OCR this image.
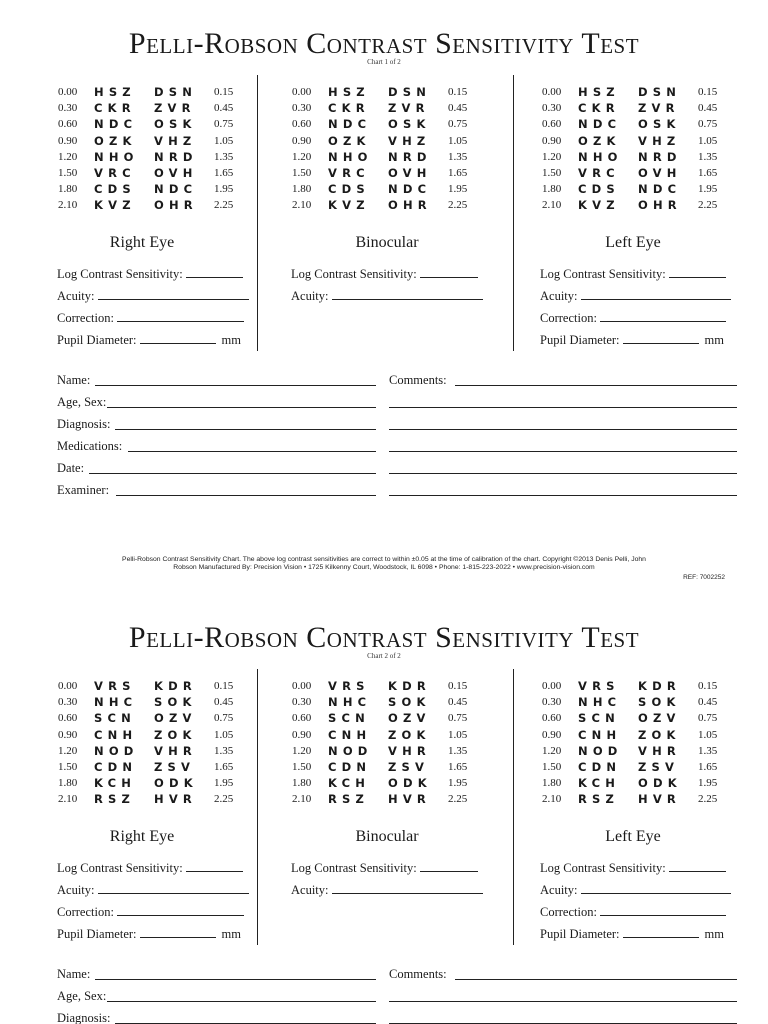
Pelli-Robson Contrast Sensitivity Test
Chart 1 of 2
0.00 HSZ DSN 0.15
0.30 CKR ZVR 0.45
0.60 NDC OSK 0.75
0.90 OZK VHZ 1.05
1.20 NHO NRD 1.35
1.50 VRC OVH 1.65
1.80 CDS NDC 1.95
2.10 KVZ OHR 2.25
0.00 HSZ DSN 0.15
0.30 CKR ZVR 0.45
0.60 NDC OSK 0.75
0.90 OZK VHZ 1.05
1.20 NHO NRD 1.35
1.50 VRC OVH 1.65
1.80 CDS NDC 1.95
2.10 KVZ OHR 2.25
0.00 HSZ DSN 0.15
0.30 CKR ZVR 0.45
0.60 NDC OSK 0.75
0.90 OZK VHZ 1.05
1.20 NHO NRD 1.35
1.50 VRC OVH 1.65
1.80 CDS NDC 1.95
2.10 KVZ OHR 2.25
Right Eye	Binocular	Left Eye
Log Contrast Sensitivity:
Acuity:
Correction:
Pupil Diameter:	mm
Log Contrast Sensitivity:
Acuity:
Log Contrast Sensitivity:
Acuity:
Correction:
Pupil Diameter:	mm
Name:
Age, Sex:
Diagnosis:
Medications:
Date:
Examiner:
Comments:
Pelli-Robson Contrast Sensitivity Chart. The above log contrast sensitivities are correct to within ±0.05 at the time of calibration of the chart. Copyright ©2013 Denis Pelli, John
Robson Manufactured By: Precision Vision • 1725 Kilkenny Court, Woodstock, IL 6098 • Phone: 1-815-223-2022 • www.precision-vision.com
REF: 7002252
Pelli-Robson Contrast Sensitivity Test
Chart 2 of 2
0.00 VRS KDR 0.15
0.30 NHC SOK 0.45
0.60 SCN OZV 0.75
0.90 CNH ZOK 1.05
1.20 NOD VHR 1.35
1.50 CDN ZSV 1.65
1.80 KCH ODK 1.95
2.10 RSZ HVR 2.25
0.00 VRS KDR 0.15
0.30 NHC SOK 0.45
0.60 SCN OZV 0.75
0.90 CNH ZOK 1.05
1.20 NOD VHR 1.35
1.50 CDN ZSV 1.65
1.80 KCH ODK 1.95
2.10 RSZ HVR 2.25
0.00 VRS KDR 0.15
0.30 NHC SOK 0.45
0.60 SCN OZV 0.75
0.90 CNH ZOK 1.05
1.20 NOD VHR 1.35
1.50 CDN ZSV 1.65
1.80 KCH ODK 1.95
2.10 RSZ HVR 2.25
Right Eye	Binocular	Left Eye
Log Contrast Sensitivity:
Acuity:
Correction:
Pupil Diameter:	mm
Log Contrast Sensitivity:
Acuity:
Log Contrast Sensitivity:
Acuity:
Correction:
Pupil Diameter:	mm
Name:
Age, Sex:
Diagnosis:
Comments:
